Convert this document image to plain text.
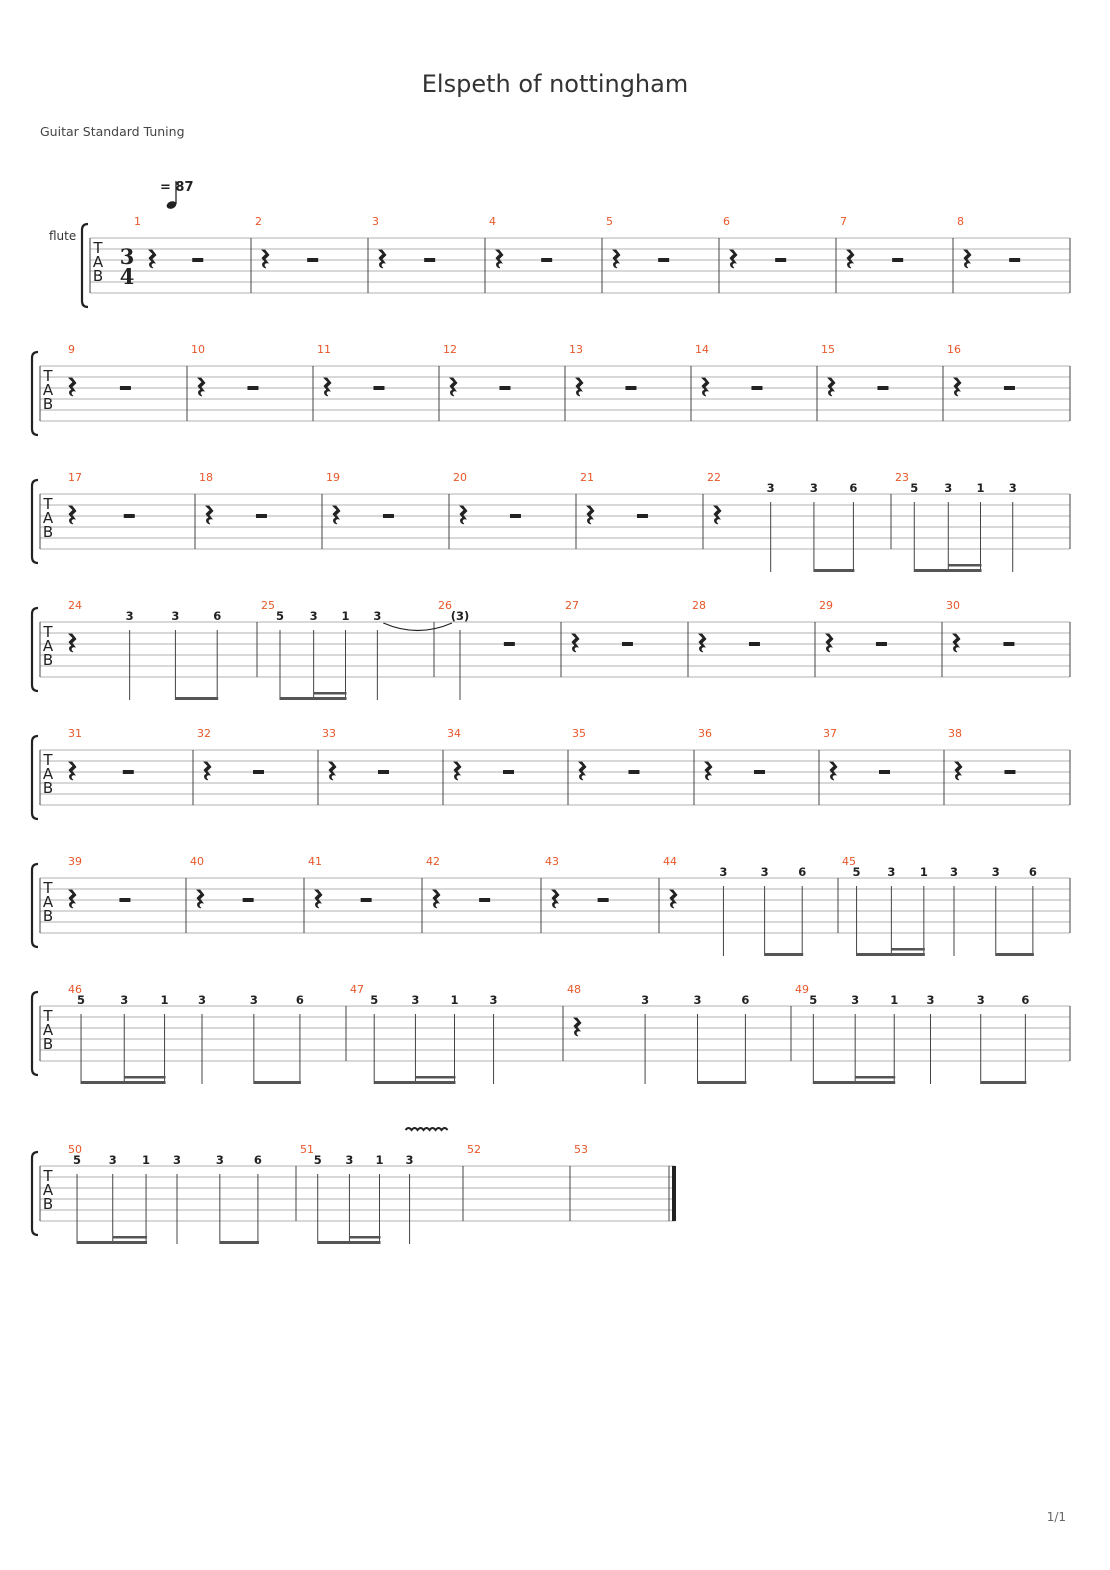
Elspeth of nottingham
Guitar Standard Tuning
= 87
flute
T
A
B
3
4
1	2	3	4	5	6	7	8
T
A
B
9	10	11	12	13	14	15	16
T
A
B
17	18	19	20	21	22
3	3	6
23
5 3 1 3
T
A
B
24
3	3	6
25
5 3 1 3
26
(3)
27	28	29	30
T
A
B
31	32	33	34	35	36	37	38
T
A
B
39	40	41	42	43	44
3	3	6
45
5 3 1 3	3	6
T
A
B
46
5	3	1	3	3	6
47
5	3	1	3
48
3	3	6
49
5	3	1 3	3	6
T
A
B
50
5 3 1 3	3	6
51
5 3 1 3
52	53
1/1
